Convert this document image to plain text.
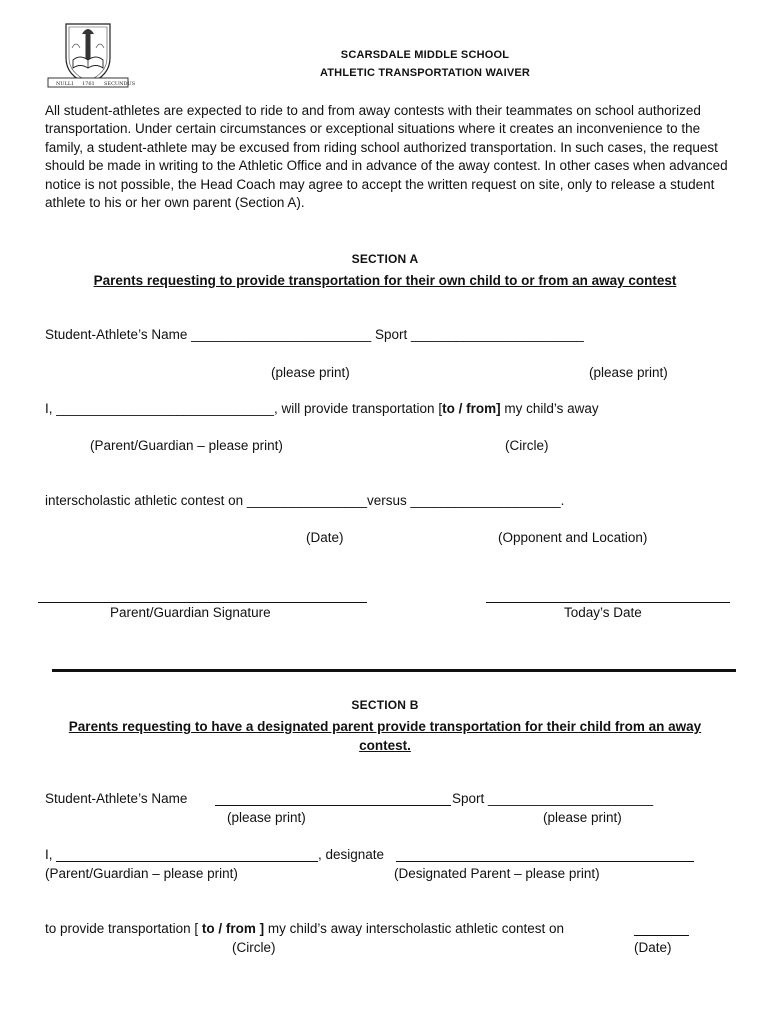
NULLI 1761 SECUNDUS
SCARSDALE MIDDLE SCHOOL
ATHLETIC TRANSPORTATION WAIVER
All student-athletes are expected to ride to and from away contests with their teammates on school authorized transportation. Under certain circumstances or exceptional situations where it creates an inconvenience to the family, a student-athlete may be excused from riding school authorized transportation. In such cases, the request should be made in writing to the Athletic Office and in advance of the away contest. In other cases when advanced notice is not possible, the Head Coach may agree to accept the written request on site, only to release a student athlete to his or her own parent (Section A).
SECTION A
Parents requesting to provide transportation for their own child to or from an away contest
Student-Athlete’s Name ________________________ Sport _______________________
(please print)	(please print)
I, _____________________________, will provide transportation [to / from] my child’s away
(Parent/Guardian – please print)	(Circle)
interscholastic athletic contest on ________________versus ____________________.
(Date)	(Opponent and Location)
Parent/Guardian Signature	Today’s Date
SECTION B
Parents requesting to have a designated parent provide transportation for their child from an away contest.
Student-Athlete’s Name	Sport ______________________
(please print)	(please print)
I,	, designate
(Parent/Guardian – please print)	(Designated Parent – please print)
to provide transportation [ to / from ] my child’s away interscholastic athletic contest on
(Circle)	(Date)
